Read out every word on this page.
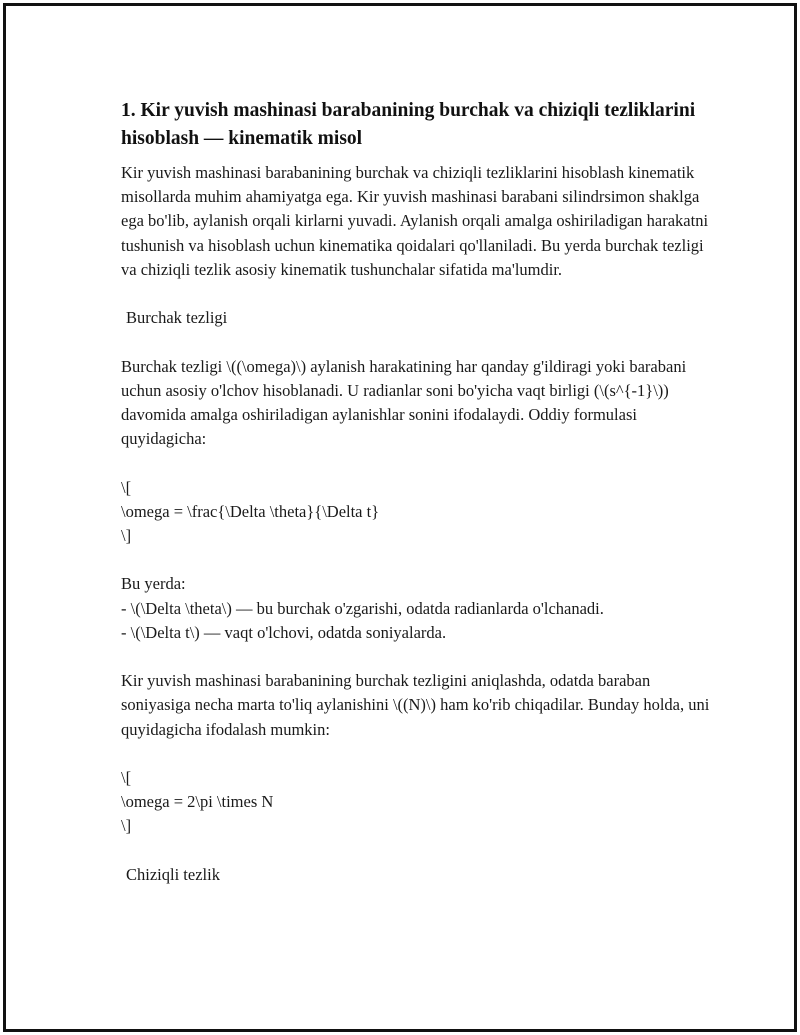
1. Kir yuvish mashinasi barabanining burchak va chiziqli tezliklarini hisoblash — kinematik misol

Kir yuvish mashinasi barabanining burchak va chiziqli tezliklarini hisoblash kinematik misollarda muhim ahamiyatga ega. Kir yuvish mashinasi barabani silindrsimon shaklga ega bo'lib, aylanish orqali kirlarni yuvadi. Aylanish orqali amalga oshiriladigan harakatni tushunish va hisoblash uchun kinematika qoidalari qo'llaniladi. Bu yerda burchak tezligi va chiziqli tezlik asosiy kinematik tushunchalar sifatida ma'lumdir.

Burchak tezligi

Burchak tezligi \((\omega)\) aylanish harakatining har qanday g'ildiragi yoki barabani uchun asosiy o'lchov hisoblanadi. U radianlar soni bo'yicha vaqt birligi (\(s^{-1}\)) davomida amalga oshiriladigan aylanishlar sonini ifodalaydi. Oddiy formulasi quyidagicha:

\[
\omega = \frac{\Delta \theta}{\Delta t}
\]
Bu yerda:
- \(\Delta \theta\) — bu burchak o'zgarishi, odatda radianlarda o'lchanadi.
- \(\Delta t\) — vaqt o'lchovi, odatda soniyalarda.

Kir yuvish mashinasi barabanining burchak tezligini aniqlashda, odatda baraban soniyasiga necha marta to'liq aylanishini \((N)\) ham ko'rib chiqadilar. Bunday holda, uni quyidagicha ifodalash mumkin:

\[
\omega = 2\pi \times N
\]

Chiziqli tezlik
